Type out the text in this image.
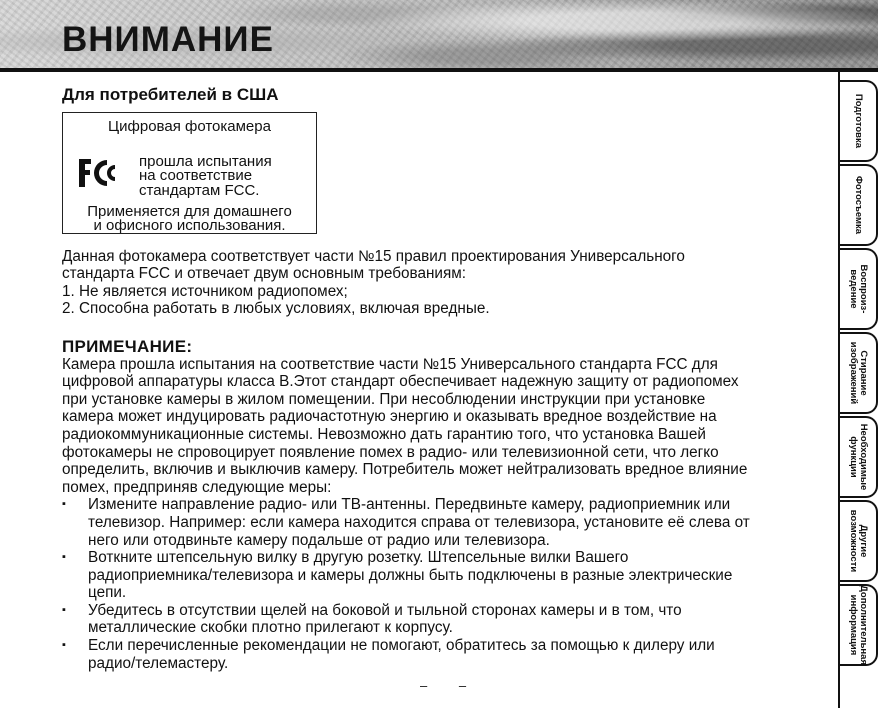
ВНИМАНИЕ
Для потребителей в США
Цифровая фотокамера
прошла испытания
на соответствие
стандартам FCC.
Применяется для домашнего
и офисного использования.
Данная фотокамера соответствует части №15 правил проектирования Универсального
стандарта FCC и отвечает двум основным требованиям:
1. Не является источником радиопомех;
2. Способна работать в любых условиях, включая вредные.
ПРИМЕЧАНИЕ:
Камера прошла испытания на соответствие части №15 Универсального стандарта FCC для
цифровой аппаратуры класса B.Этот стандарт обеспечивает надежную защиту от радиопомех
при установке камеры в жилом помещении. При несоблюдении инструкции при установке
камера может индуцировать радиочастотную энергию и оказывать вредное воздействие на
радиокоммуникационные системы. Невозможно дать гарантию того, что установка Вашей
фотокамеры не спровоцирует появление помех в радио- или телевизионной сети, что легко
определить, включив и выключив камеру. Потребитель может нейтрализовать вредное влияние
помех, предприняв следующие меры:
▪ Измените направление радио- или ТВ-антенны. Передвиньте камеру, радиоприемник или
телевизор. Например: если камера находится справа от телевизора, установите её слева от
него или отодвиньте камеру подальше от радио или телевизора.
▪ Воткните штепсельную вилку в другую розетку. Штепсельные вилки Вашего
радиоприемника/телевизора и камеры должны быть подключены в разные электрические
цепи.
▪ Убедитесь в отсутствии щелей на боковой и тыльной сторонах камеры и в том, что
металлические скобки плотно прилегают к корпусу.
▪ Если перечисленные рекомендации не помогают, обратитесь за помощью к дилеру или
радио/телемастеру.
– –
Подготовка
Фотосъемка
Воспроиз-
ведение
Стирание
изображений
Необходимые
функции
Другие
возможности
Дополнительная
информация
